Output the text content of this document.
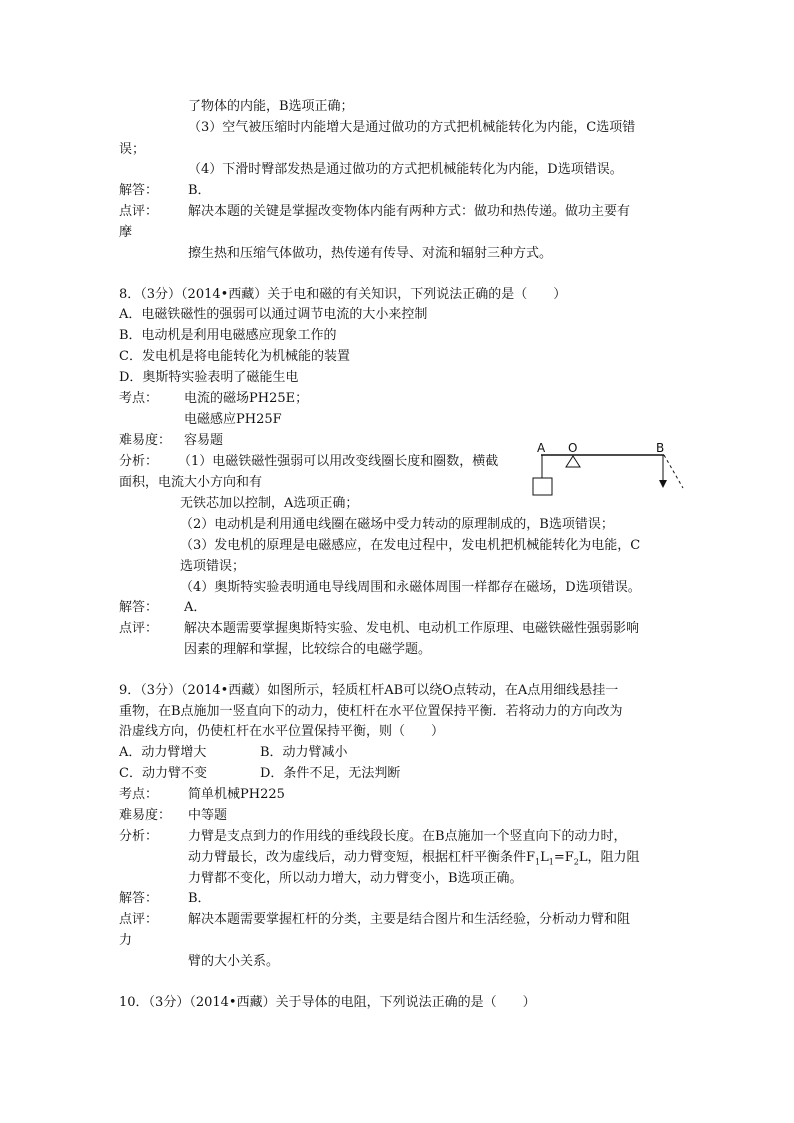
了物体的内能，B选项正确；
（3）空气被压缩时内能增大是通过做功的方式把机械能转化为内能，C选项错
误；
（4）下滑时臀部发热是通过做功的方式把机械能转化为内能，D选项错误。
解答： B．
点评： 解决本题的关键是掌握改变物体内能有两种方式：做功和热传递。做功主要有
摩
擦生热和压缩气体做功，热传递有传导、对流和辐射三种方式。
8．（3分）（2014•西藏）关于电和磁的有关知识，下列说法正确的是（　　）
A．电磁铁磁性的强弱可以通过调节电流的大小来控制
B．电动机是利用电磁感应现象工作的
C．发电机是将电能转化为机械能的装置
D．奥斯特实验表明了磁能生电
考点： 电流的磁场PH25E；
电磁感应PH25F
难易度： 容易题
分析： （1）电磁铁磁性强弱可以用改变线圈长度和圈数，横截
面积，电流大小方向和有
无铁芯加以控制，A选项正确；
（2）电动机是利用通电线圈在磁场中受力转动的原理制成的，B选项错误；
（3）发电机的原理是电磁感应，在发电过程中，发电机把机械能转化为电能，C
选项错误；
（4）奥斯特实验表明通电导线周围和永磁体周围一样都存在磁场，D选项错误。
解答： A．
点评： 解决本题需要掌握奥斯特实验、发电机、电动机工作原理、电磁铁磁性强弱影响
因素的理解和掌握，比较综合的电磁学题。
A O	B
9．（3分）（2014•西藏）如图所示，轻质杠杆AB可以绕O点转动，在A点用细线悬挂一
重物，在B点施加一竖直向下的动力，使杠杆在水平位置保持平衡．若将动力的方向改为
沿虚线方向，仍使杠杆在水平位置保持平衡，则（　　）
A．动力臂增大	B．动力臂减小
C．动力臂不变	D．条件不足，无法判断
考点： 简单机械PH225
难易度： 中等题
分析： 力臂是支点到力的作用线的垂线段长度。在B点施加一个竖直向下的动力时，
动力臂最长，改为虚线后，动力臂变短，根据杠杆平衡条件$F_1L_1=F_2L$，阻力阻
力臂都不变化，所以动力增大，动力臂变小，B选项正确。
解答： B．
点评： 解决本题需要掌握杠杆的分类，主要是结合图片和生活经验，分析动力臂和阻
力
臂的大小关系。
10．（3分）（2014•西藏）关于导体的电阻，下列说法正确的是（　　）
